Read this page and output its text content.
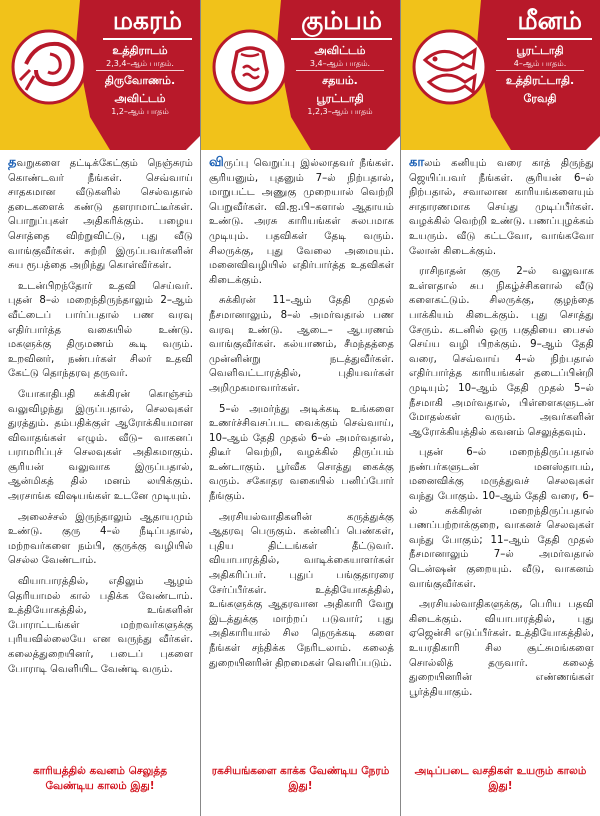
மகரம்
உத்திராடம்
2,3,4–ஆம் பாதம்.
திருவோணம்.
அவிட்டம்
1,2–ஆம் பாதம்

தவறுகளை தட்டிக்கேட்கும் நெஞ்சுரம் கொண்டவர் நீங்கள். செவ்வாய் சாதகமான வீடுகளில் செல்வதால் தடைகளைக் கண்டு தளராமாட்டீர்கள். பொறுப்புகள் அதிகரிக்கும். பழைய சொத்தை விற்றுவிட்டு, புது வீடு வாங்குவீர்கள். சுற்றி இருப்பவர்களின் சுய ரூபத்தை அறிந்து கொள்வீர்கள்.

உடன்பிறந்தோர் உதவி செய்வர். புதன் 8–ல் மறைந்திருந்தாலும் 2–ஆம் வீட்டைப் பார்ப்பதால் பண வரவு எதிர்பார்த்த வகையில் உண்டு. மகளுக்கு திருமணம் கூடி வரும். உறவினர், நண்பர்கள் சிலர் உதவி கேட்டு தொந்தரவு தருவர்.

யோகாதிபதி சுக்கிரன் கொஞ்சம் வலுவிழந்து இருப்பதால், செலவுகள் துரத்தும். தம்பதிக்குள் ஆரோக்கியமான விவாதங்கள் எழும். வீடு– வாகனப் பராமரிப்புச் செலவுகள் அதிகமாகும். சூரியன் வலுவாக இருப்பதால், ஆன்மிகத் தில் மனம் லயிக்கும். அரசாங்க விஷயங்கள் உடனே முடியும்.

அலைச்சல் இருந்தாலும் ஆதாயமும் உண்டு. குரு 4–ல் நீடிப்பதால், மற்றவர்களை நம்பி, குருக்கு வழியில் செல்ல வேண்டாம்.

வியாபாரத்தில், எதிலும் ஆழம் தெரியாமல் கால் பதிக்க வேண்டாம். உத்தியோகத்தில், உங்களின் போராட்டங்கள் மற்றவர்களுக்கு புரியவில்லையே என வருந்து வீர்கள். கலைத்துறையினர், படைப் புகளை போராடி வெளியிட வேண்டி வரும்.

காரியத்தில் கவனம் செலுத்த வேண்டிய காலம் இது!
கும்பம்
அவிட்டம்
3,4–ஆம் பாதம்.
சதயம்.
பூரட்டாதி
1,2,3–ஆம் பாதம்

விருப்பு வெறுப்பு இல்லாதவர் நீங்கள். சூரியனும், புதனும் 7–ல் நிற்பதால், மாறுபட்ட அணுகு முறையால் வெற்றி பெறுவீர்கள். வி.ஐ.பி–களால் ஆதாயம் உண்டு. அரசு காரியங்கள் சுலபமாக முடியும். பதவிகள் தேடி வரும். சிலருக்கு, புது வேலை அமையும். மனைவிவழியில் எதிர்பார்த்த உதவிகள் கிடைக்கும்.

சுக்கிரன் 11–ஆம் தேதி முதல் நீசமானாலும், 8–ல் அமர்வதால் பண வரவு உண்டு. ஆடை– ஆபரணம் வாங்குவீர்கள். கல்யாணம், சீமந்தத்தை முன்னின்று நடத்துவீர்கள். வெளிவட்டாரத்தில், புதியவர்கள் அறிமுகமாவார்கள்.

5–ல் அமர்ந்து அடிக்கடி உங்களை உணர்ச்சிவசப்பட வைக்கும் செவ்வாய், 10–ஆம் தேதி முதல் 6–ல் அமர்வதால், திடீர் வெற்றி, வழக்கில் திருப்பம் உண்டாகும். பூர்வீக சொத்து கைக்கு வரும். சகோதர வகையில் பனிப்போர் நீங்கும்.

அரசியல்வாதிகளின் கருத்துக்கு ஆதரவு பெருகும். கன்னிப் பெண்கள், புதிய திட்டங்கள் தீட்டுவர். வியாபாரத்தில், வாடிக்கையாளர்கள் அதிகரிப்பர். புதுப் பங்குதாரரை சேர்ப்பீர்கள். உத்தியோகத்தில், உங்களுக்கு ஆதரவான அதிகாரி வேறு இடத்துக்கு மாற்றப் படுவார்; புது அதிகாரியால் சில நெருக்கடி களை நீங்கள் சந்திக்க நேரிடலாம். கலைத் துறையினரின் திறமைகள் வெளிப்படும்.

ரகசியங்களை காக்க வேண்டிய நேரம் இது!
மீனம்
பூரட்டாதி
4–ஆம் பாதம்.
உத்திரட்டாதி.
ரேவதி

காலம் கனியும் வரை காத் திருந்து ஜெயிப்பவர் நீங்கள். சூரியன் 6–ல் நிற்பதால், சவாலான காரியங்களையும் சாதாரணமாக செய்து முடிப்பீர்கள். வழக்கில் வெற்றி உண்டு. பணப்புழக்கம் உயரும். வீடு கட்டவோ, வாங்கவோ லோன் கிடைக்கும்.

ராசிநாதன் குரு 2–ல் வலுவாக உள்ளதால் சுப நிகழ்ச்சிகளால் வீடு களைகட்டும். சிலருக்கு, குழந்தை பாக்கியம் கிடைக்கும். புது சொத்து சேரும். கடனில் ஒரு பகுதியை பைசல் செய்ய வழி பிறக்கும். 9–ஆம் தேதி வரை, செவ்வாய் 4–ல் நிற்பதால் எதிர்பார்த்த காரியங்கள் தடைப்பின்றி முடியும்; 10–ஆம் தேதி முதல் 5–ல் நீசமாகி அமர்வதால், பிள்ளைகளுடன் மோதல்கள் வரும். அவர்களின் ஆரோக்கியத்தில் கவனம் செலுத்தவும்.

புதன் 6–ல் மறைந்திருப்பதால் நண்பர்களுடன் மனஸ்தாபம், மனைவிக்கு மருத்துவச் செலவுகள் வந்து போகும். 10–ஆம் தேதி வரை, 6–ல் சுக்கிரன் மறைந்திருப்பதால் பணப்பற்றாக்குறை, வாகனச் செலவுகள் வந்து போகும்; 11–ஆம் தேதி முதல் நீசமானாலும் 7–ல் அமர்வதால் டென்ஷன் குறையும். வீடு, வாகனம் வாங்குவீர்கள்.

அரசியல்வாதிகளுக்கு, பெரிய பதவி கிடைக்கும். வியாபாரத்தில், புது ஏஜென்சி எடுப்பீர்கள். உத்தியோகத்தில், உயரதிகாரி சில சூட்சுமங்களை சொல்லித் தருவார். கலைத் துறையினரின் எண்ணங்கள் பூர்த்தியாகும்.

அடிப்படை வசதிகள் உயரும் காலம் இது!
